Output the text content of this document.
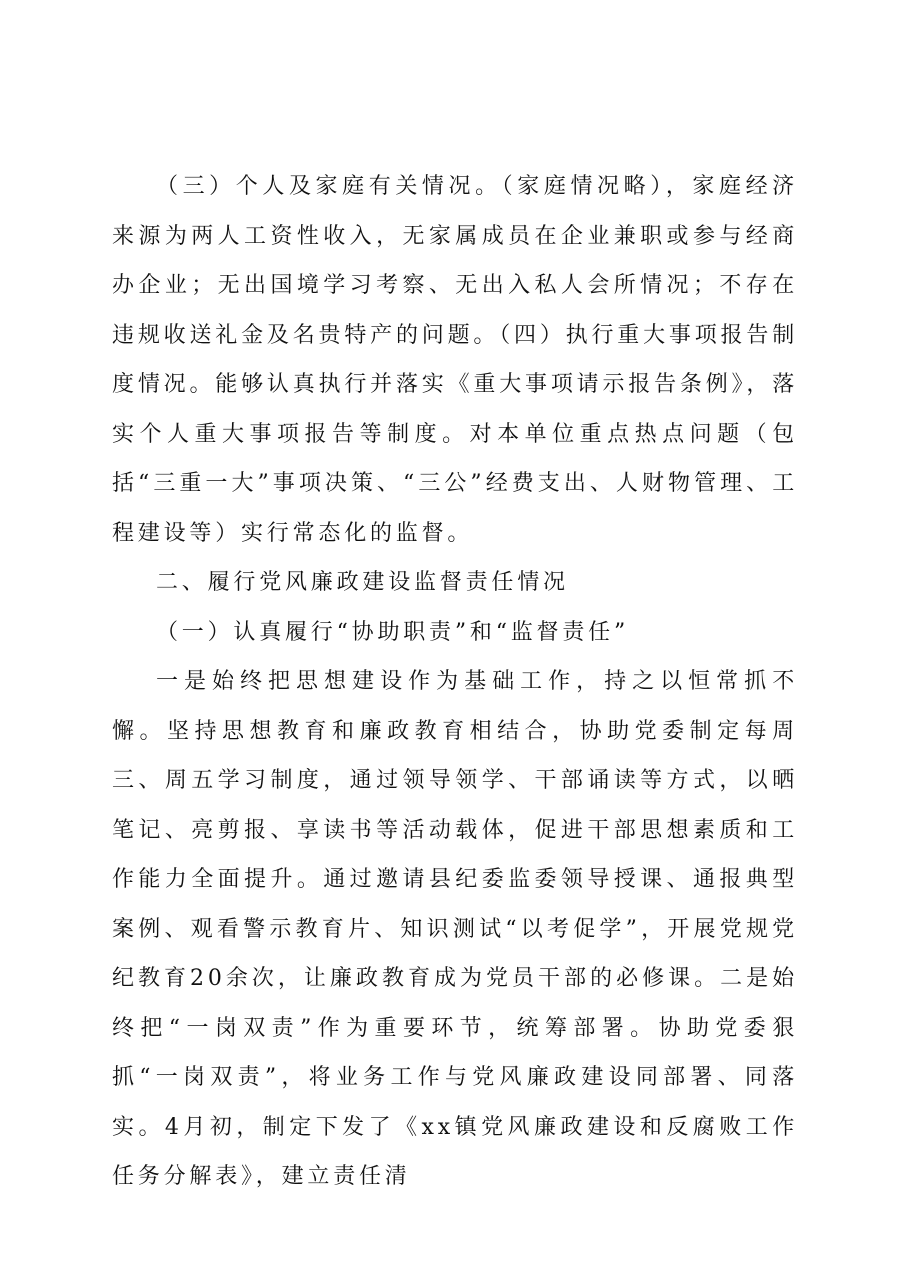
（三）个人及家庭有关情况。（家庭情况略），家庭经济来源为两人工资性收入，无家属成员在企业兼职或参与经商办企业；无出国境学习考察、无出入私人会所情况；不存在违规收送礼金及名贵特产的问题。（四）执行重大事项报告制度情况。能够认真执行并落实《重大事项请示报告条例》，落实个人重大事项报告等制度。对本单位重点热点问题（包括“三重一大”事项决策、“三公”经费支出、人财物管理、工程建设等）实行常态化的监督。

二、履行党风廉政建设监督责任情况

（一）认真履行“协助职责”和“监督责任”

一是始终把思想建设作为基础工作，持之以恒常抓不懈。坚持思想教育和廉政教育相结合，协助党委制定每周三、周五学习制度，通过领导领学、干部诵读等方式，以晒笔记、亮剪报、享读书等活动载体，促进干部思想素质和工作能力全面提升。通过邀请县纪委监委领导授课、通报典型案例、观看警示教育片、知识测试“以考促学”，开展党规党纪教育20余次，让廉政教育成为党员干部的必修课。二是始终把“一岗双责”作为重要环节，统筹部署。协助党委狠抓“一岗双责”，将业务工作与党风廉政建设同部署、同落实。4月初，制定下发了《xx镇党风廉政建设和反腐败工作任务分解表》，建立责任清
